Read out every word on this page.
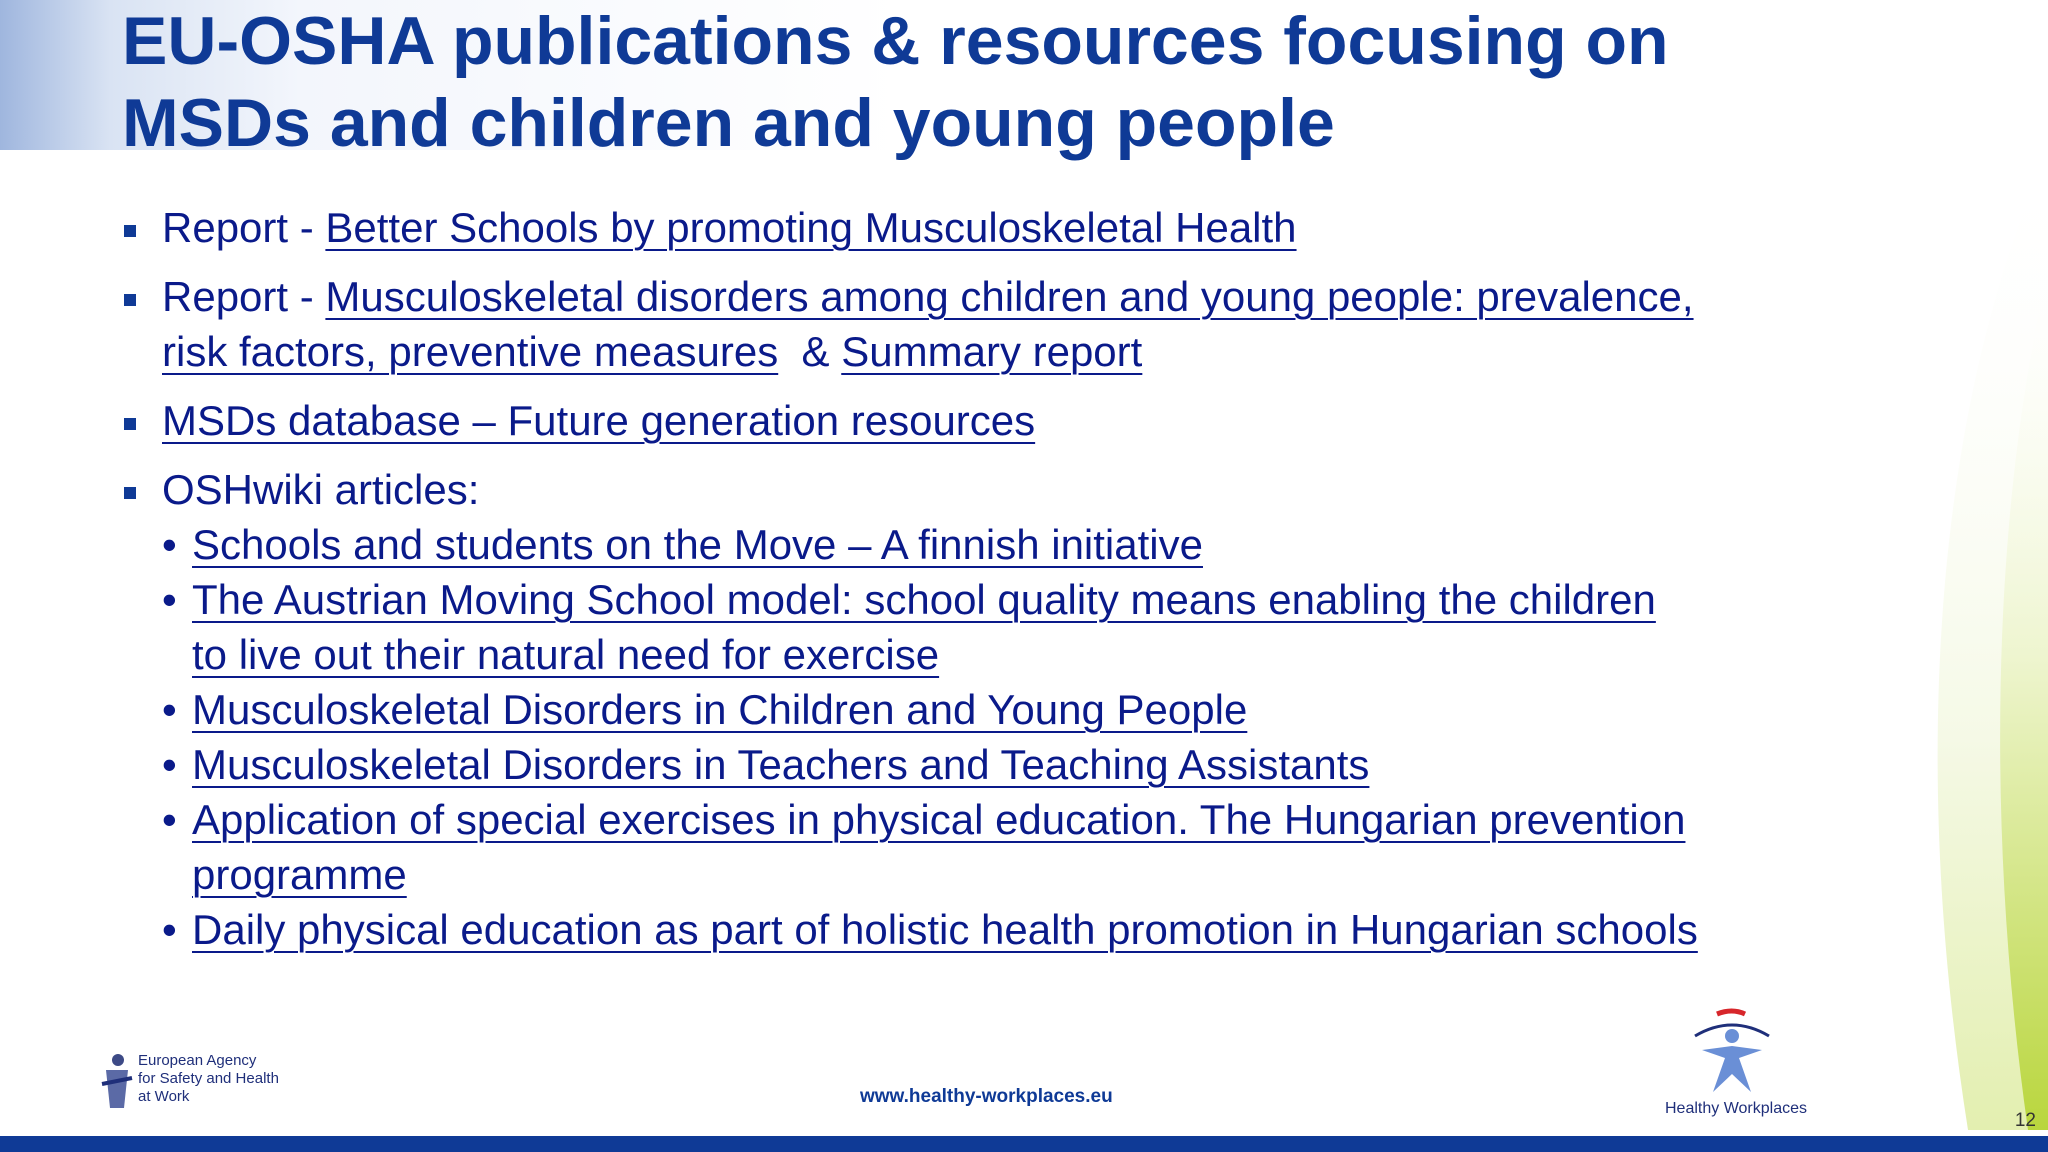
EU-OSHA publications & resources focusing on
MSDs and children and young people
Report - Better Schools by promoting Musculoskeletal Health
Report - Musculoskeletal disorders among children and young people: prevalence,
risk factors, preventive measures  & Summary report
MSDs database – Future generation resources
OSHwiki articles:
• Schools and students on the Move – A finnish initiative
• The Austrian Moving School model: school quality means enabling the children
to live out their natural need for exercise
• Musculoskeletal Disorders in Children and Young People
• Musculoskeletal Disorders in Teachers and Teaching Assistants
• Application of special exercises in physical education. The Hungarian prevention
programme
• Daily physical education as part of holistic health promotion in Hungarian schools
European Agency
for Safety and Health
at Work	www.healthy-workplaces.eu
Healthy Workplaces
12
